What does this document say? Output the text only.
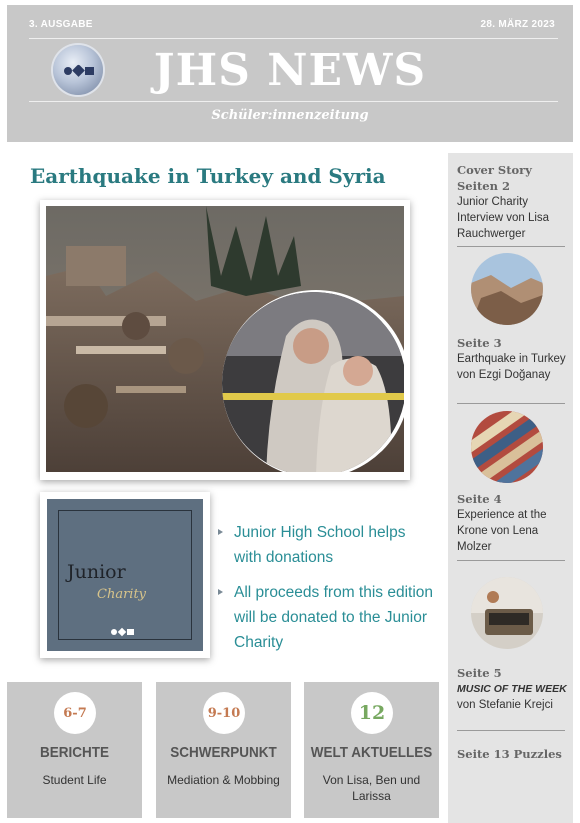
3. AUSGABE	28. MÄRZ 2023
JHS NEWS
Schüler:innenzeitung
Earthquake in Turkey and Syria
Junior
Charity
Junior High School helps with donations
All proceeds from this edition will be donated to the Junior Charity
Cover Story Seiten 2
Junior Charity Interview von Lisa Rauchwerger
Seite 3
Earthquake in Turkey von Ezgi Doğanay
Seite 4
Experience at the Krone von Lena Molzer
Seite 5
MUSIC OF THE WEEK
von Stefanie Krejci
Seite 13 Puzzles
6-7
BERICHTE
Student Life
9-10
SCHWERPUNKT
Mediation & Mobbing
12
WELT AKTUELLES
Von Lisa, Ben und Larissa
